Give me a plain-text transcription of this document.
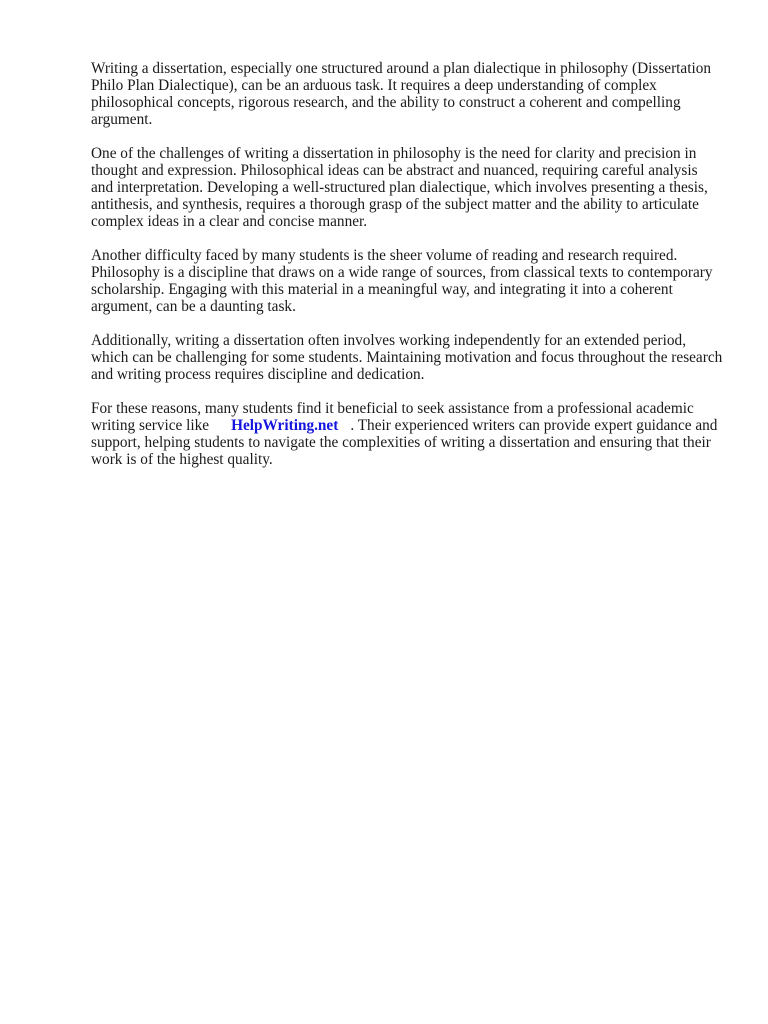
Writing a dissertation, especially one structured around a plan dialectique in philosophy (Dissertation Philo Plan Dialectique), can be an arduous task. It requires a deep understanding of complex philosophical concepts, rigorous research, and the ability to construct a coherent and compelling argument.

One of the challenges of writing a dissertation in philosophy is the need for clarity and precision in thought and expression. Philosophical ideas can be abstract and nuanced, requiring careful analysis and interpretation. Developing a well-structured plan dialectique, which involves presenting a thesis, antithesis, and synthesis, requires a thorough grasp of the subject matter and the ability to articulate complex ideas in a clear and concise manner.

Another difficulty faced by many students is the sheer volume of reading and research required. Philosophy is a discipline that draws on a wide range of sources, from classical texts to contemporary scholarship. Engaging with this material in a meaningful way, and integrating it into a coherent argument, can be a daunting task.

Additionally, writing a dissertation often involves working independently for an extended period, which can be challenging for some students. Maintaining motivation and focus throughout the research and writing process requires discipline and dedication.

For these reasons, many students find it beneficial to seek assistance from a professional academic writing service like HelpWriting.net . Their experienced writers can provide expert guidance and support, helping students to navigate the complexities of writing a dissertation and ensuring that their work is of the highest quality.
